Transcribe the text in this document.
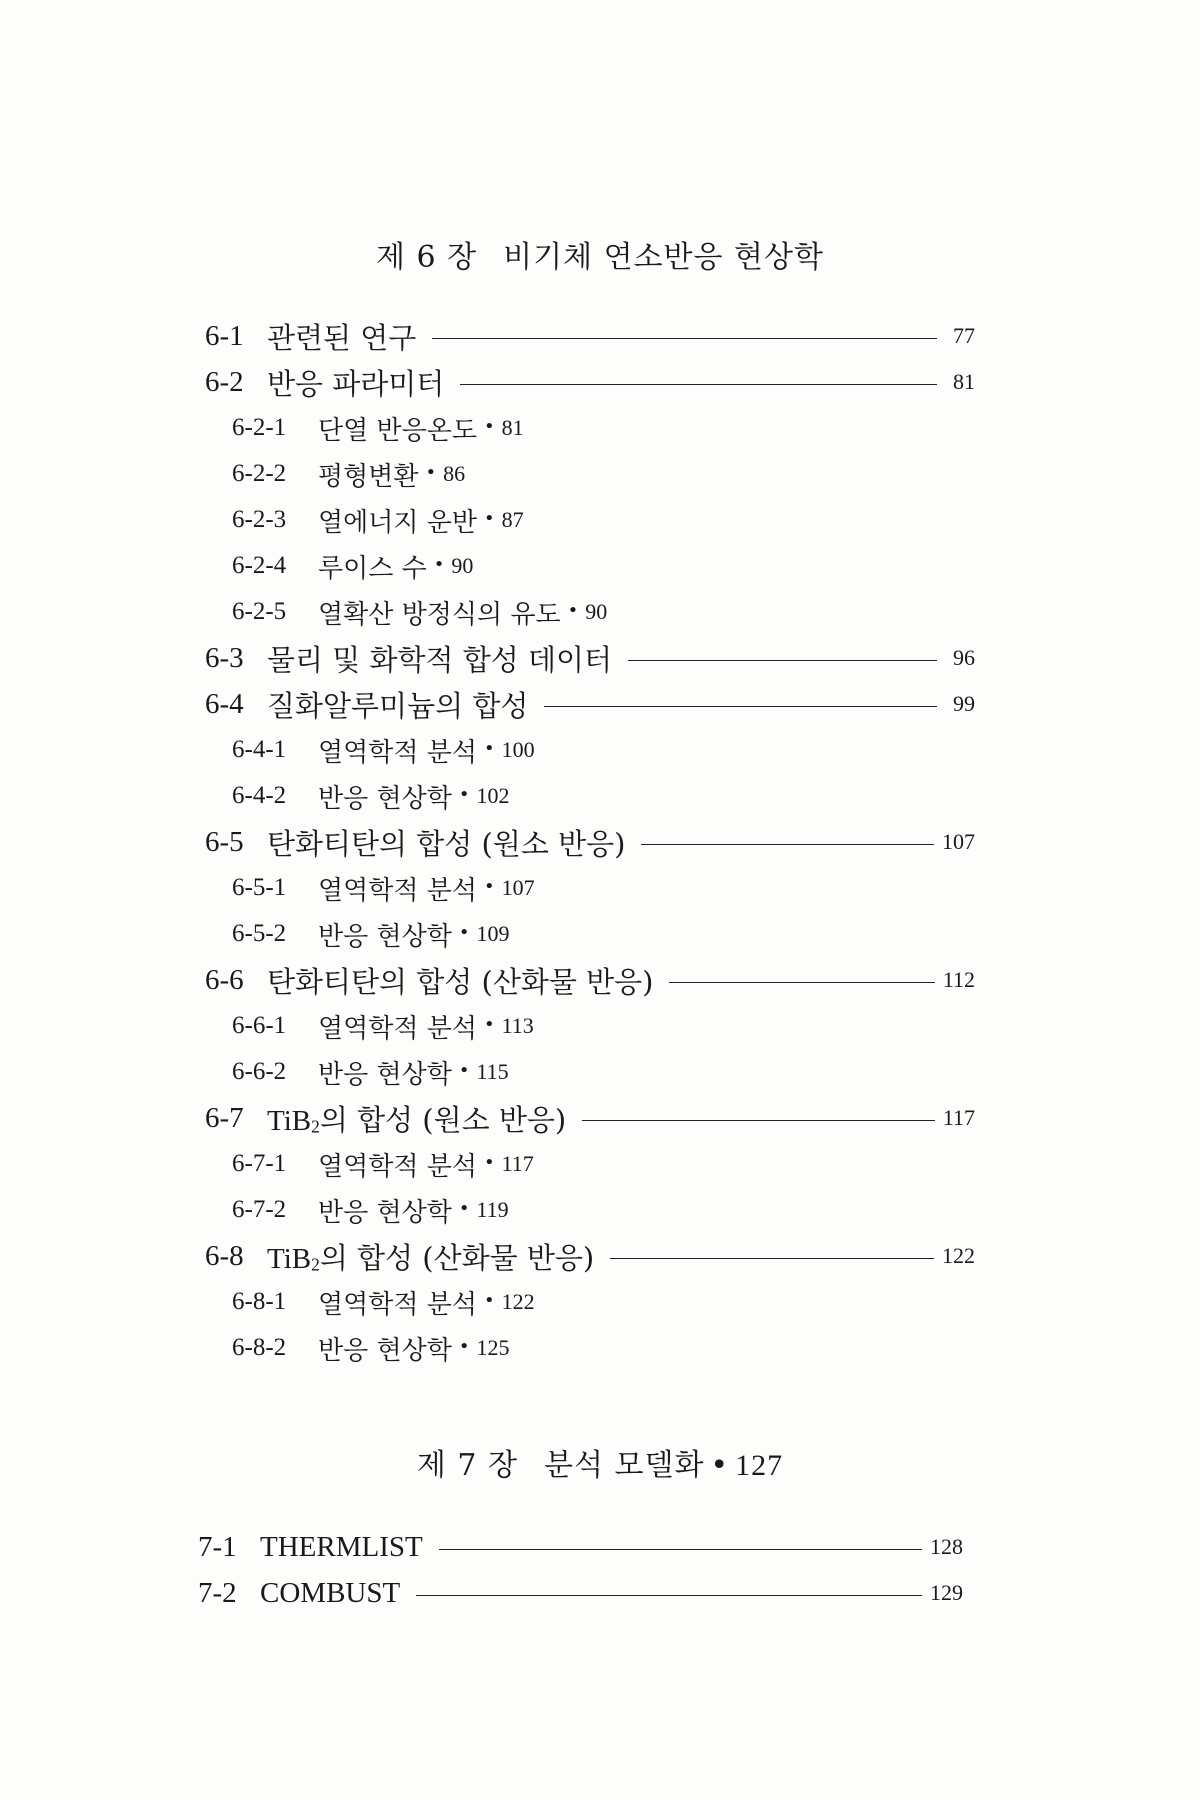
제 6 장 비기체 연소반응 현상학
6-1 관련된 연구	77
6-2 반응 파라미터	81
6-2-1	단열 반응온도 • 81
6-2-2	평형변환 • 86
6-2-3	열에너지 운반 • 87
6-2-4	루이스 수 • 90
6-2-5	열확산 방정식의 유도 • 90
6-3 물리 및 화학적 합성 데이터	96
6-4 질화알루미늄의 합성	99
6-4-1	열역학적 분석 • 100
6-4-2	반응 현상학 • 102
6-5 탄화티탄의 합성 (원소 반응)	107
6-5-1	열역학적 분석 • 107
6-5-2	반응 현상학 • 109
6-6 탄화티탄의 합성 (산화물 반응)	112
6-6-1	열역학적 분석 • 113
6-6-2	반응 현상학 • 115
6-7 TiB2의 합성 (원소 반응)	117
6-7-1	열역학적 분석 • 117
6-7-2	반응 현상학 • 119
6-8 TiB2의 합성 (산화물 반응)	122
6-8-1	열역학적 분석 • 122
6-8-2	반응 현상학 • 125
제 7 장 분석 모델화 • 127
7-1 THERMLIST	128
7-2 COMBUST	129
